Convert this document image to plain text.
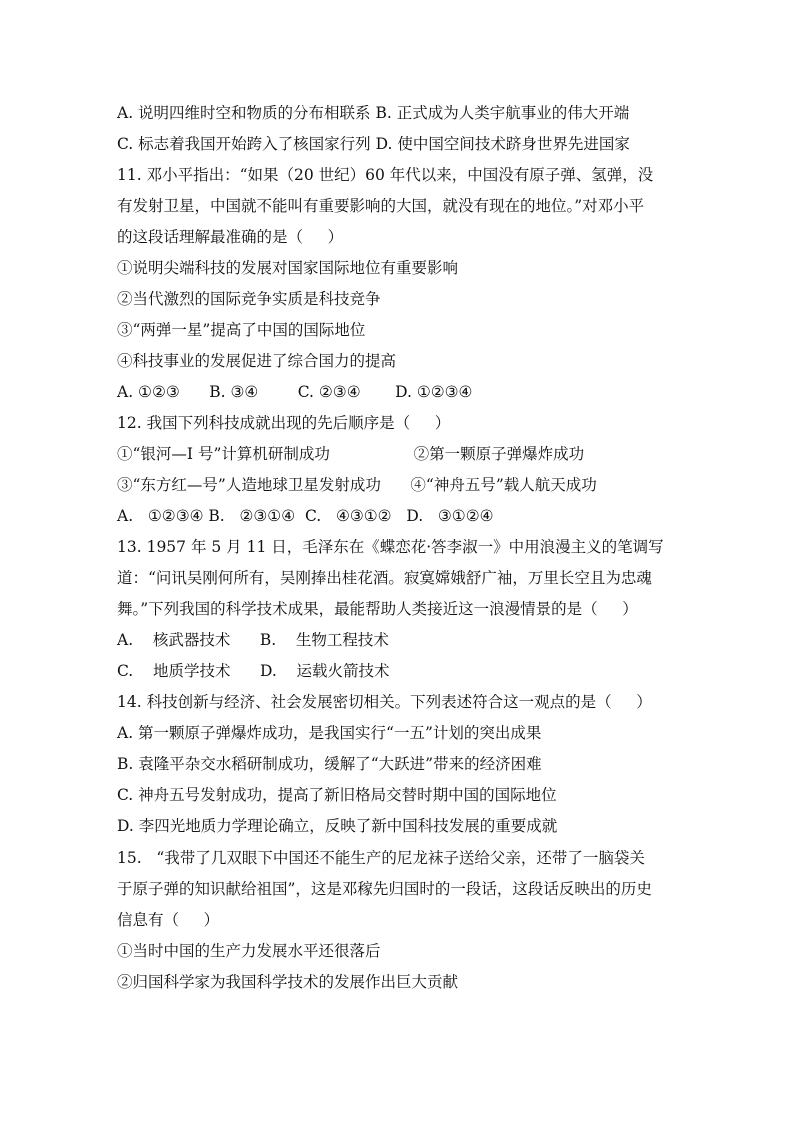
A. 说明四维时空和物质的分布相联系 B. 正式成为人类宇航事业的伟大开端
C. 标志着我国开始跨入了核国家行列 D. 使中国空间技术跻身世界先进国家
11. 邓小平指出：“如果（20 世纪）60 年代以来，中国没有原子弹、氢弹，没
有发射卫星，中国就不能叫有重要影响的大国，就没有现在的地位。”对邓小平
的这段话理解最准确的是（     ）
①说明尖端科技的发展对国家国际地位有重要影响
②当代激烈的国际竞争实质是科技竞争
③“两弹一星”提高了中国的国际地位
④科技事业的发展促进了综合国力的提高
A. ①②③      B. ③④        C. ②③④       D. ①②③④
12. 我国下列科技成就出现的先后顺序是（     ）
①“银河—I 号”计算机研制成功                 ②第一颗原子弹爆炸成功
③“东方红—号”人造地球卫星发射成功      ④“神舟五号”载人航天成功
A.   ①②③④ B.   ②③①④  C.   ④③①②   D.   ③①②④
13. 1957 年 5 月 11 日，毛泽东在《蝶恋花·答李淑一》中用浪漫主义的笔调写
道：“问讯吴刚何所有，吴刚捧出桂花酒。寂寞嫦娥舒广袖，万里长空且为忠魂
舞。”下列我国的科学技术成果，最能帮助人类接近这一浪漫情景的是（     ）
A.    核武器技术      B.    生物工程技术
C.    地质学技术      D.    运载火箭技术
14. 科技创新与经济、社会发展密切相关。下列表述符合这一观点的是（     ）
A. 第一颗原子弹爆炸成功，是我国实行“一五”计划的突出成果
B. 袁隆平杂交水稻研制成功，缓解了“大跃进”带来的经济困难
C. 神舟五号发射成功，提高了新旧格局交替时期中国的国际地位
D. 李四光地质力学理论确立，反映了新中国科技发展的重要成就
15.   “我带了几双眼下中国还不能生产的尼龙袜子送给父亲，还带了一脑袋关
于原子弹的知识献给祖国”，这是邓稼先归国时的一段话，这段话反映出的历史
信息有（     ）
①当时中国的生产力发展水平还很落后
②归国科学家为我国科学技术的发展作出巨大贡献
